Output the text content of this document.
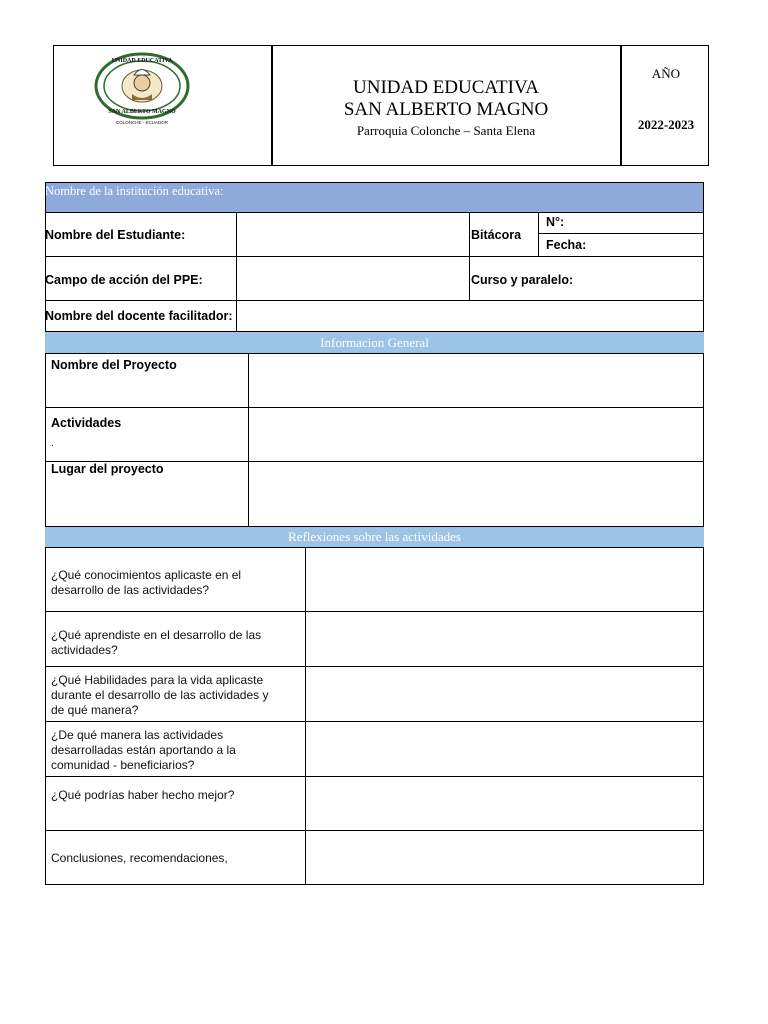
UNIDAD EDUCATIVA
SAN ALBERTO MAGNO
COLONCHE - ECUADOR
UNIDAD EDUCATIVA
SAN ALBERTO MAGNO
Parroquia Colonche – Santa Elena
AÑO
2022-2023
Nombre de la institución educativa:
Nombre del Estudiante:	Bitácora
N°:
Fecha:
Campo de acción del PPE:	Curso y paralelo:
Nombre del docente facilitador:
Informacion General
Nombre del Proyecto
Actividades
.
Lugar del proyecto
Reflexiones sobre las actividades
¿Qué conocimientos aplicaste en el desarrollo de las actividades?
¿Qué aprendiste en el desarrollo de las actividades?
¿Qué Habilidades para la vida aplicaste durante el desarrollo de las actividades y de qué manera?
¿De qué manera las actividades desarrolladas están aportando a la comunidad - beneficiarios?
¿Qué podrías haber hecho mejor?
Conclusiones, recomendaciones,
